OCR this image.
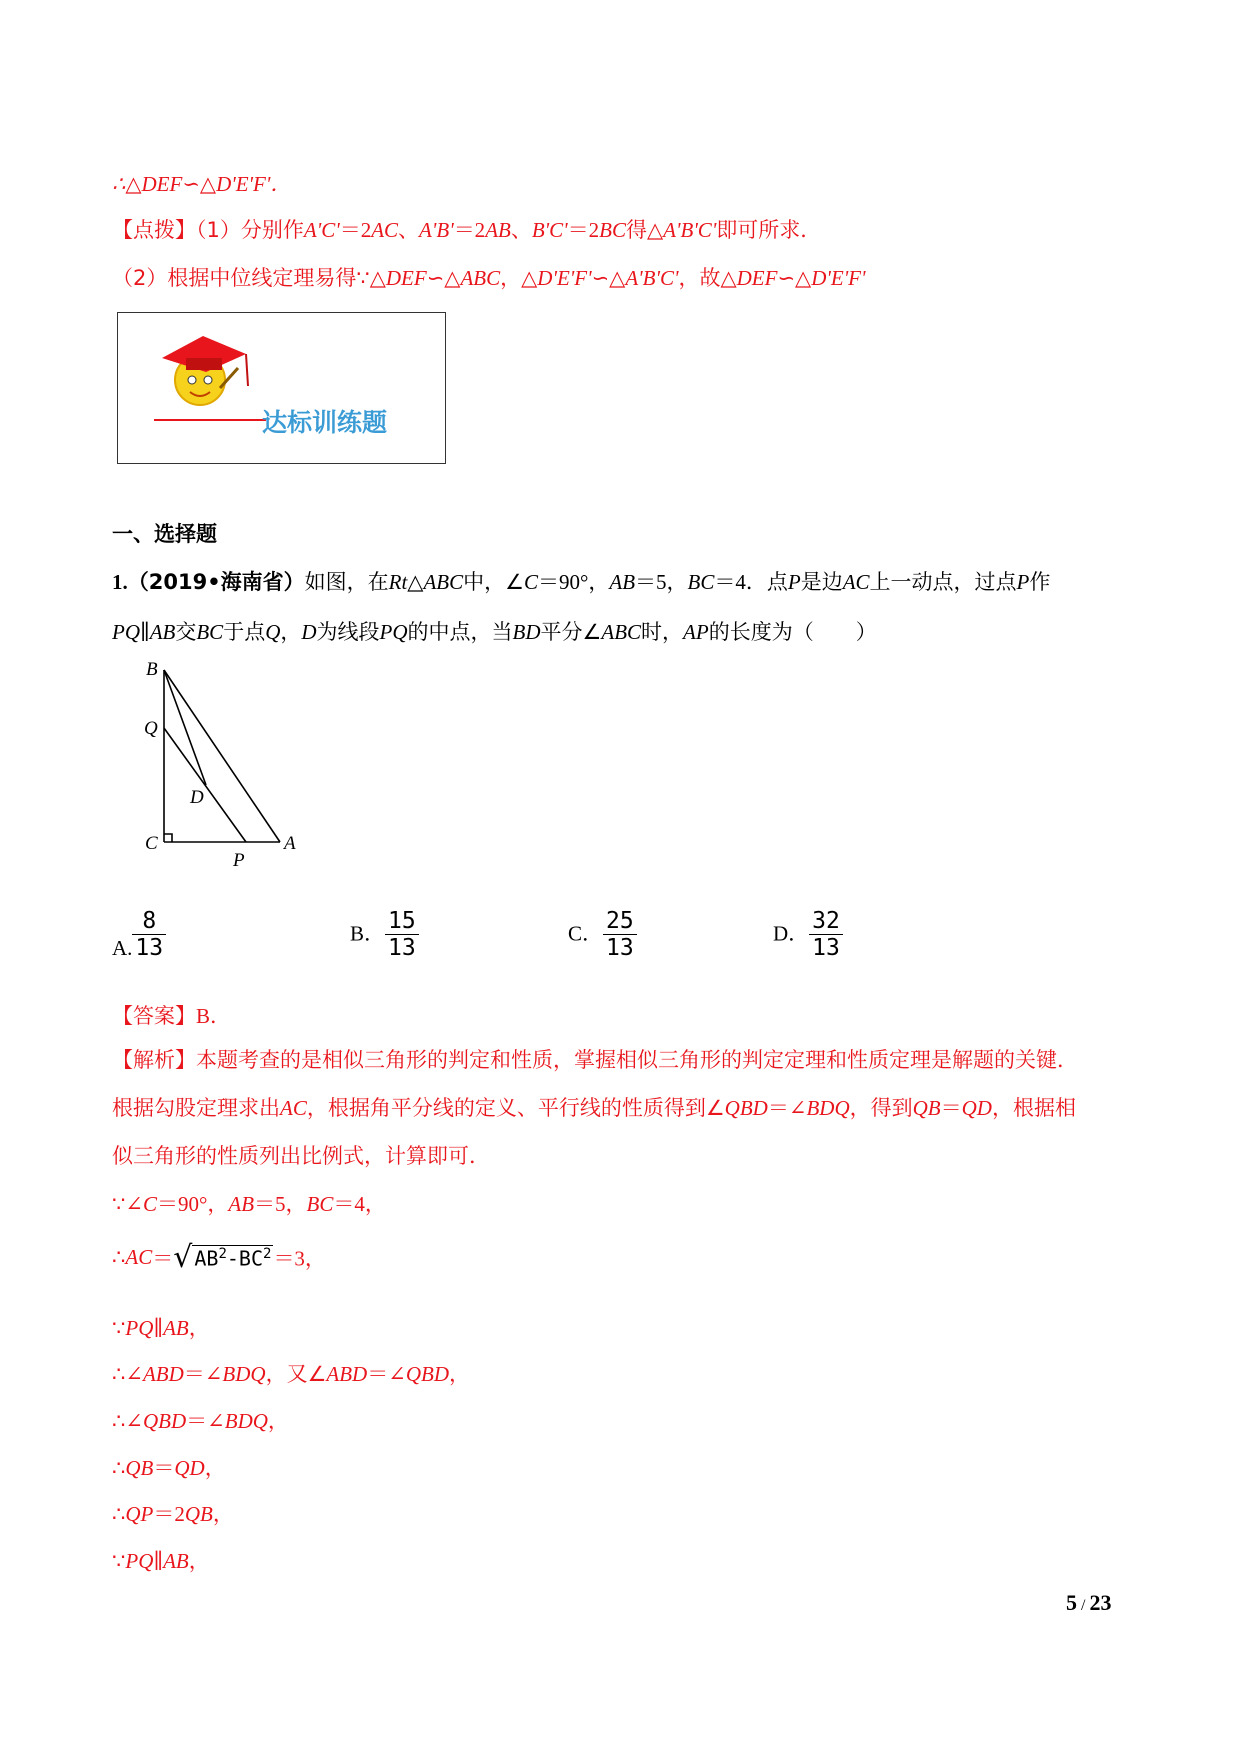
∴△DEF∽△D'E'F'．
【点拨】（1）分别作A'C'＝2AC、A'B'＝2AB、B'C'＝2BC得△A'B'C'即可所求．
（2）根据中位线定理易得∵△DEF∽△ABC，△D'E'F'∽△A'B'C'，故△DEF∽△D'E'F'
达标训练题
一、选择题
1.（2019•海南省）如图，在Rt△ABC中，∠C＝90°，AB＝5，BC＝4．点P是边AC上一动点，过点P作
PQ∥AB交BC于点Q，D为线段PQ的中点，当BD平分∠ABC时，AP的长度为（　　）
B
Q
D
C
P
A
A. $\frac{8}{13}$	B． $\frac{15}{13}$	C． $\frac{25}{13}$	D． $\frac{32}{13}$
【答案】B．
【解析】本题考查的是相似三角形的判定和性质，掌握相似三角形的判定定理和性质定理是解题的关键．
根据勾股定理求出AC，根据角平分线的定义、平行线的性质得到∠QBD＝∠BDQ，得到QB＝QD，根据相
似三角形的性质列出比例式，计算即可．
∵∠C＝90°，AB＝5，BC＝4，
∴AC＝√ $AB^2-BC^2=3$，
∵PQ∥AB，
∴∠ABD＝∠BDQ，又∠ABD＝∠QBD，
∴∠QBD＝∠BDQ，
∴QB＝QD，
∴QP＝2QB，
∵PQ∥AB，
5 / 23
